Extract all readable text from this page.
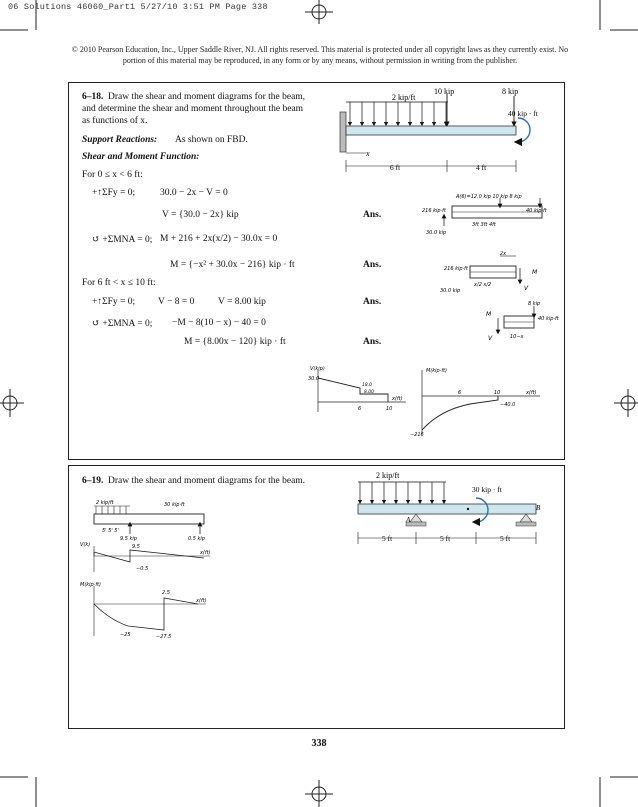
06 Solutions 46060_Part1 5/27/10 3:51 PM Page 338
© 2010 Pearson Education, Inc., Upper Saddle River, NJ. All rights reserved. This material is protected under all copyright laws as they currently exist. No portion of this material may be reproduced, in any form or by any means, without permission in writing from the publisher.
6–18. Draw the shear and moment diagrams for the beam,
and determine the shear and moment throughout the beam
as functions of x.
Support Reactions: As shown on FBD.
Shear and Moment Function:
For 0 ≤ x < 6 ft:
+↑ΣFy = 0;	30.0 − 2x − V = 0
V = {30.0 − 2x} kip	Ans.
↺ +ΣMNA = 0; M + 216 + 2x(x/2) − 30.0x = 0
M = {−x² + 30.0x − 216} kip · ft	Ans.
For 6 ft < x ≤ 10 ft:
+↑ΣFy = 0; V − 8 = 0 V = 8.00 kip	Ans.
↺ +ΣMNA = 0; −M − 8(10 − x) − 40 = 0
M = {8.00x − 120} kip · ft	Ans.
x
2 kip/ft
10 kip	8 kip
40 kip · ft
6 ft	4 ft
A(6)=12.0 kip 10 kip 8 kip
216 kip·ft	40 kip·ft
30.0 kip
3ft 3ft 4ft
2x
216 kip·ft
30.0 kip
x/2 x/2
M
V
8 kip
40 kip·ft
10−x
M
V
V(kip)
30.0
18.0
8.00
6	10
x(ft)
M(kip·ft)
x(ft)
−40.0
−216
6	10
6–19. Draw the shear and moment diagrams for the beam.
2 kip/ft
30 kip · ft
A
B
5 ft	5 ft	5 ft
2 kip/ft	30 kip·ft
5' 5' 5'
9.5 kip	0.5 kip
V(k)	9.5
−0.5
x(ft)
M(kip·ft)
2.5
−25	−27.5
x(ft)
338
